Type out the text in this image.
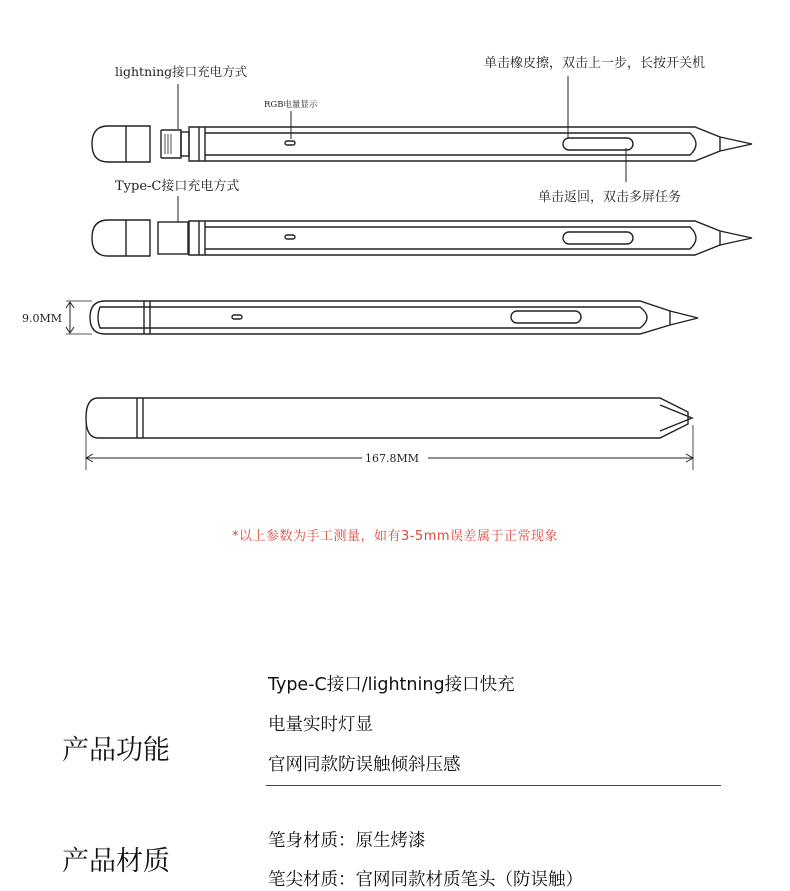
lightning接口充电方式
RGB电量显示
单击橡皮擦，双击上一步，长按开关机
Type-C接口充电方式
单击返回，双击多屏任务
9.0MM
167.8MM
*以上参数为手工测量，如有3-5mm误差属于正常现象
产品功能
Type-C接口/lightning接口快充
电量实时灯显
官网同款防误触倾斜压感
产品材质
笔身材质：原生烤漆
笔尖材质：官网同款材质笔头（防误触）
